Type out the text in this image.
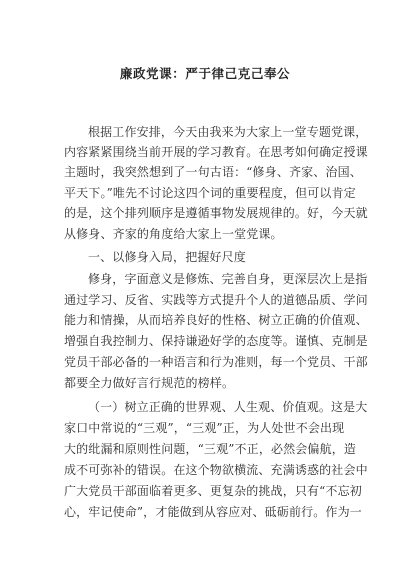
廉政党课：严于律己克己奉公
根据工作安排，今天由我来为大家上一堂专题党课，
内容紧紧围绕当前开展的学习教育。在思考如何确定授课
主题时，我突然想到了一句古语：“修身、齐家、治国、
平天下。”唯先不讨论这四个词的重要程度，但可以肯定
的是，这个排列顺序是遵循事物发展规律的。好，今天就
从修身、齐家的角度给大家上一堂党课。
一、以修身入局，把握好尺度
修身，字面意义是修炼、完善自身，更深层次上是指
通过学习、反省、实践等方式提升个人的道德品质、学问
能力和情操，从而培养良好的性格、树立正确的价值观、
增强自我控制力、保持谦逊好学的态度等。谨慎、克制是
党员干部必备的一种语言和行为准则，每一个党员、干部
都要全力做好言行规范的榜样。
（一）树立正确的世界观、人生观、价值观。这是大
家口中常说的“三观”，“三观”正，为人处世不会出现
大的纰漏和原则性问题，“三观”不正，必然会偏航，造
成不可弥补的错误。在这个物欲横流、充满诱惑的社会中
广大党员干部面临着更多、更复杂的挑战，只有“不忘初
心，牢记使命”，才能做到从容应对、砥砺前行。作为一
